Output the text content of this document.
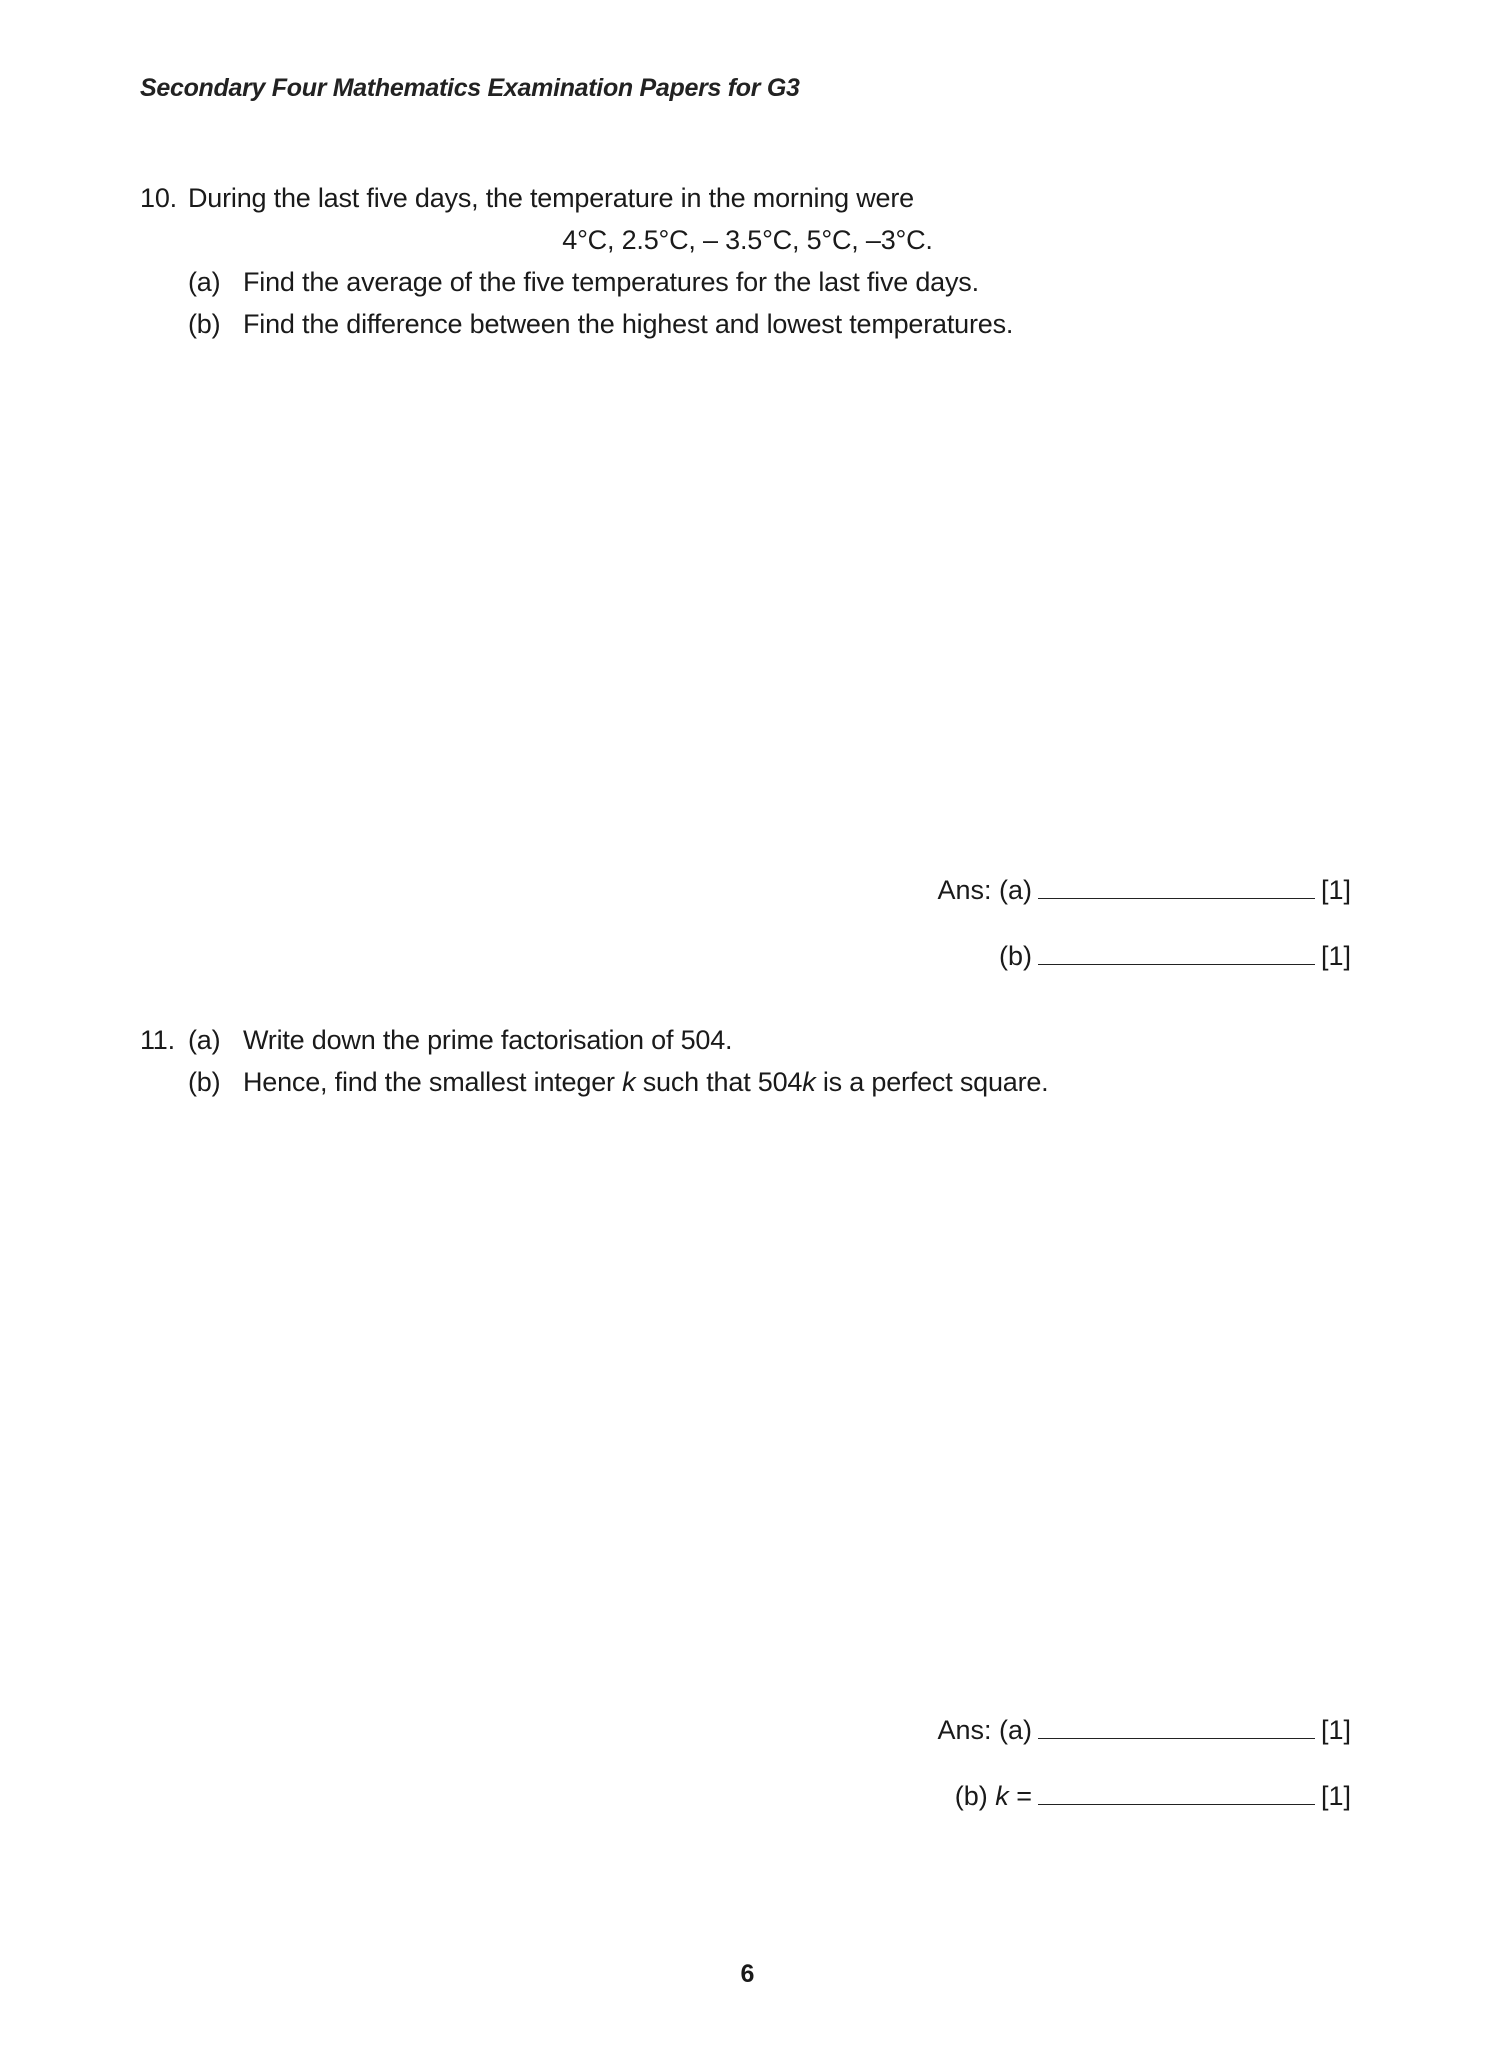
Secondary Four Mathematics Examination Papers for G3
10. During the last five days, the temperature in the morning were
4°C, 2.5°C, – 3.5°C, 5°C, –3°C.
(a) Find the average of the five temperatures for the last five days.
(b) Find the difference between the highest and lowest temperatures.
Ans: (a)	[1]
(b)	[1]
11. (a) Write down the prime factorisation of 504.
(b) Hence, find the smallest integer k such that 504k is a perfect square.
Ans: (a)	[1]
(b) k =	[1]
6
